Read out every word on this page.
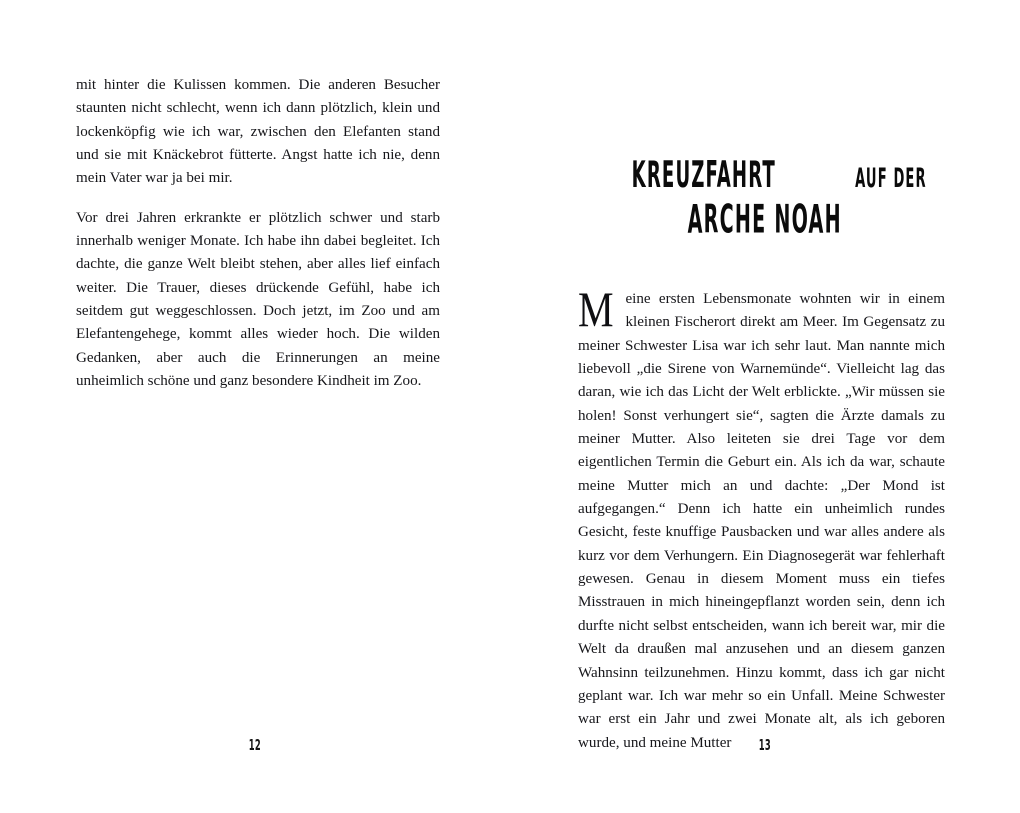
mit hinter die Kulissen kommen. Die anderen Besucher staunten nicht schlecht, wenn ich dann plötzlich, klein und lockenköpfig wie ich war, zwischen den Elefanten stand und sie mit Knäckebrot fütterte. Angst hatte ich nie, denn mein Vater war ja bei mir.

Vor drei Jahren erkrankte er plötzlich schwer und starb innerhalb weniger Monate. Ich habe ihn dabei begleitet. Ich dachte, die ganze Welt bleibt stehen, aber alles lief einfach weiter. Die Trauer, dieses drückende Gefühl, habe ich seitdem gut weggeschlossen. Doch jetzt, im Zoo und am Elefantengehege, kommt alles wieder hoch. Die wilden Gedanken, aber auch die Erinnerungen an meine unheimlich schöne und ganz besondere Kindheit im Zoo.

12
KREUZFAHRT	AUF DER
ARCHE NOAH

Meine ersten Lebensmonate wohnten wir in einem kleinen Fischerort direkt am Meer. Im Gegensatz zu meiner Schwester Lisa war ich sehr laut. Man nannte mich liebevoll „die Sirene von Warnemünde“. Vielleicht lag das daran, wie ich das Licht der Welt erblickte. „Wir müssen sie holen! Sonst verhungert sie“, sagten die Ärzte damals zu meiner Mutter. Also leiteten sie drei Tage vor dem eigentlichen Termin die Geburt ein. Als ich da war, schaute meine Mutter mich an und dachte: „Der Mond ist aufgegangen.“ Denn ich hatte ein unheimlich rundes Gesicht, feste knuffige Pausbacken und war alles andere als kurz vor dem Verhungern. Ein Diagnosegerät war fehlerhaft gewesen. Genau in diesem Moment muss ein tiefes Misstrauen in mich hineingepflanzt worden sein, denn ich durfte nicht selbst entscheiden, wann ich bereit war, mir die Welt da draußen mal anzusehen und an diesem ganzen Wahnsinn teilzunehmen. Hinzu kommt, dass ich gar nicht geplant war. Ich war mehr so ein Unfall. Meine Schwester war erst ein Jahr und zwei Monate alt, als ich geboren wurde, und meine Mutter	13
